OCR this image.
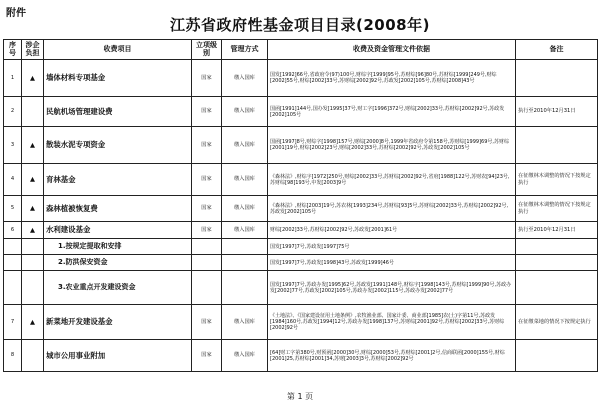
附件
江苏省政府性基金项目目录(2008年)
序号	涉企负担	收费项目	立项级别	管理方式	收费及资金管理文件依据	备注
1	▲	墙体材料专项基金	国家	缴入国库	国发[1992]66号,省政府令(97)100号,财综字[1999]95号,苏财综[96]80号,苏财综[1999]249号,财综[2002]55号,财综[2002]33号,苏财综[2002]92号,苏政发[2002]105号,苏财综[2008]43号	
2		民航机场管理建设费	国家	缴入国库	国函[1991]144号,国办发[1995]37号,财工字[1996]372号,财综[2002]33号,苏财综[2002]92号,苏政发[2002]105号	执行至2010年12月31日
3	▲	散装水泥专项资金	国家	缴入国库	国函[1997]8号,财综字[1998]157号,财综[2000]8号,1999年省政府令第158号,苏财综[1999]69号,苏财综[2001]19号,财综[2002]23号,财综[2002]33号,苏财综[2002]92号,苏政发[2002]105号	
4	▲	育林基金	国家	缴入国库	《森林法》,财综字[1972]250号,财综[2002]33号,苏财综[2002]92号,省府[1988]122号,苏财农[94]23号,苏财综[98]193号,中发[2003]9号	在征缴林木调整的情况下按规定执行
5	▲	森林植被恢复费	国家	缴入国库	《森林法》,财综[2003]19号,苏农林[1993]234号,苏财综[93]5号,苏财综[2002]33号,苏财综[2002]92号,苏政发[2002]105号	在征缴林木调整的情况下按规定执行
6	▲	水利建设基金	国家	缴入国库	财综[2002]33号,苏财综[2002]92号,苏政发[2001]61号	执行至2010年12月31日
		1.按规定提取和安排			国发[1997]7号,苏政发[1997]75号	
		2.防洪保安资金			国发[1997]7号,苏政发[1998]43号,苏政发[1999]46号	
		3.农业重点开发建设资金			国发[1997]7号,苏政办发[1995]62号,苏政发[1991]148号,财综字[1998]143号,苏财综[1999]90号,苏政办发[2002]77号,苏政发[2002]105号,苏政办发[2002]115号,苏政办发[2002]77号	
7	▲	新菜地开发建设基金	国家	缴入国库	《土地法》、《国家建设征用土地条例》,农牧渔业部、国家计委、商业部[1985]农(土)字第11号,苏政发[1984]160号,苏政发[1994]12号,苏政办发[1998]137号,苏财综[2001]92号,苏财综[2002]33号,苏财综[2002]92号	在征缴菜地的情况下按规定执行
8		城市公用事业附加	国家	缴入国库	[64]财工字第380号,财预函[2000]30号,财综[2000]53号,苏财综[2001]2号,信商联函[2000]155号,财综[2001]25,苏财综[2001]34,苏财[2003]3号,苏财综[2002]92号	
第 1 页
